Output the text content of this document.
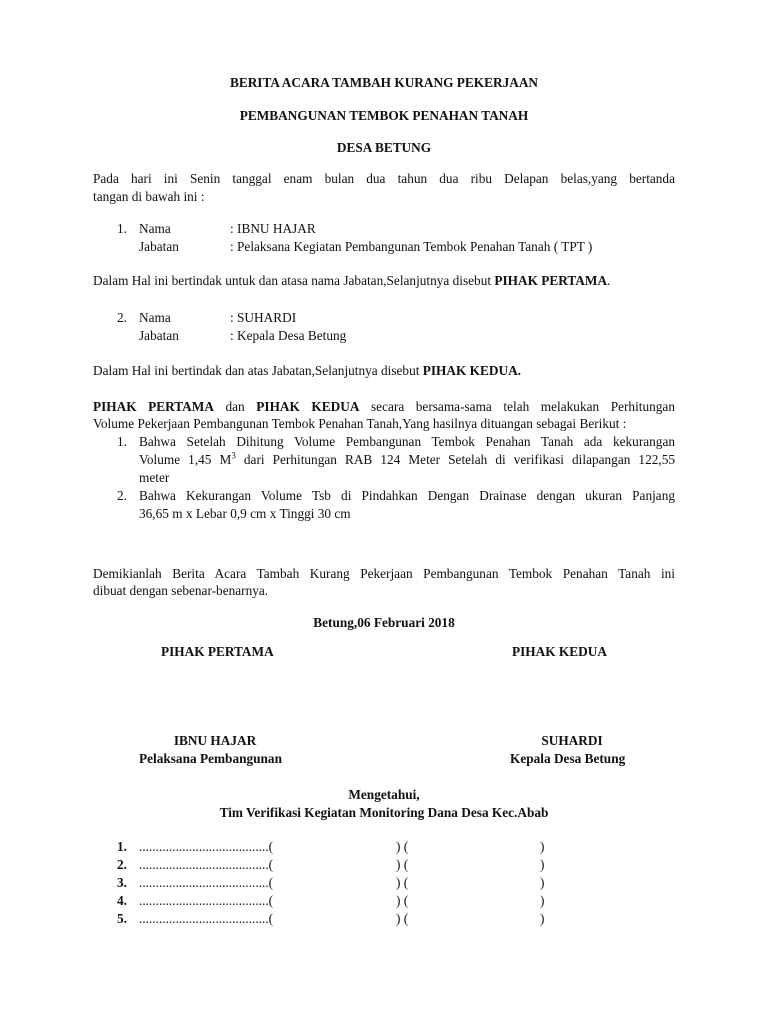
BERITA ACARA TAMBAH KURANG PEKERJAAN
PEMBANGUNAN TEMBOK PENAHAN TANAH
DESA BETUNG
Pada hari ini Senin tanggal enam bulan dua tahun dua ribu Delapan belas,yang bertanda
tangan di bawah ini :
1. Nama	: IBNU HAJAR
Jabatan	: Pelaksana Kegiatan Pembangunan Tembok Penahan Tanah ( TPT )
Dalam Hal ini bertindak untuk dan atasa nama Jabatan,Selanjutnya disebut PIHAK PERTAMA.
2. Nama	: SUHARDI
Jabatan	: Kepala Desa Betung
Dalam Hal ini bertindak dan atas Jabatan,Selanjutnya disebut PIHAK KEDUA.
PIHAK PERTAMA dan PIHAK KEDUA secara bersama-sama telah melakukan Perhitungan
Volume Pekerjaan Pembangunan Tembok Penahan Tanah,Yang hasilnya dituangan sebagai Berikut :
1. Bahwa Setelah Dihitung Volume Pembangunan Tembok Penahan Tanah ada kekurangan
Volume 1,45 $M^3$ dari Perhitungan RAB 124 Meter Setelah di verifikasi dilapangan 122,55
meter
2. Bahwa Kekurangan Volume Tsb di Pindahkan Dengan Drainase dengan ukuran Panjang
36,65 m x Lebar 0,9 cm x Tinggi 30 cm
Demikianlah Berita Acara Tambah Kurang Pekerjaan Pembangunan Tembok Penahan Tanah ini
dibuat dengan sebenar-benarnya.
Betung,06 Februari 2018
PIHAK PERTAMA	PIHAK KEDUA
IBNU HAJAR
Pelaksana Pembangunan
SUHARDI
Kepala Desa Betung
Mengetahui,
Tim Verifikasi Kegiatan Monitoring Dana Desa Kec.Abab
1. .......................................(	) (	)
2. .......................................(	) (	)
3. .......................................(	) (	)
4. .......................................(	) (	)
5. .......................................(	) (	)
